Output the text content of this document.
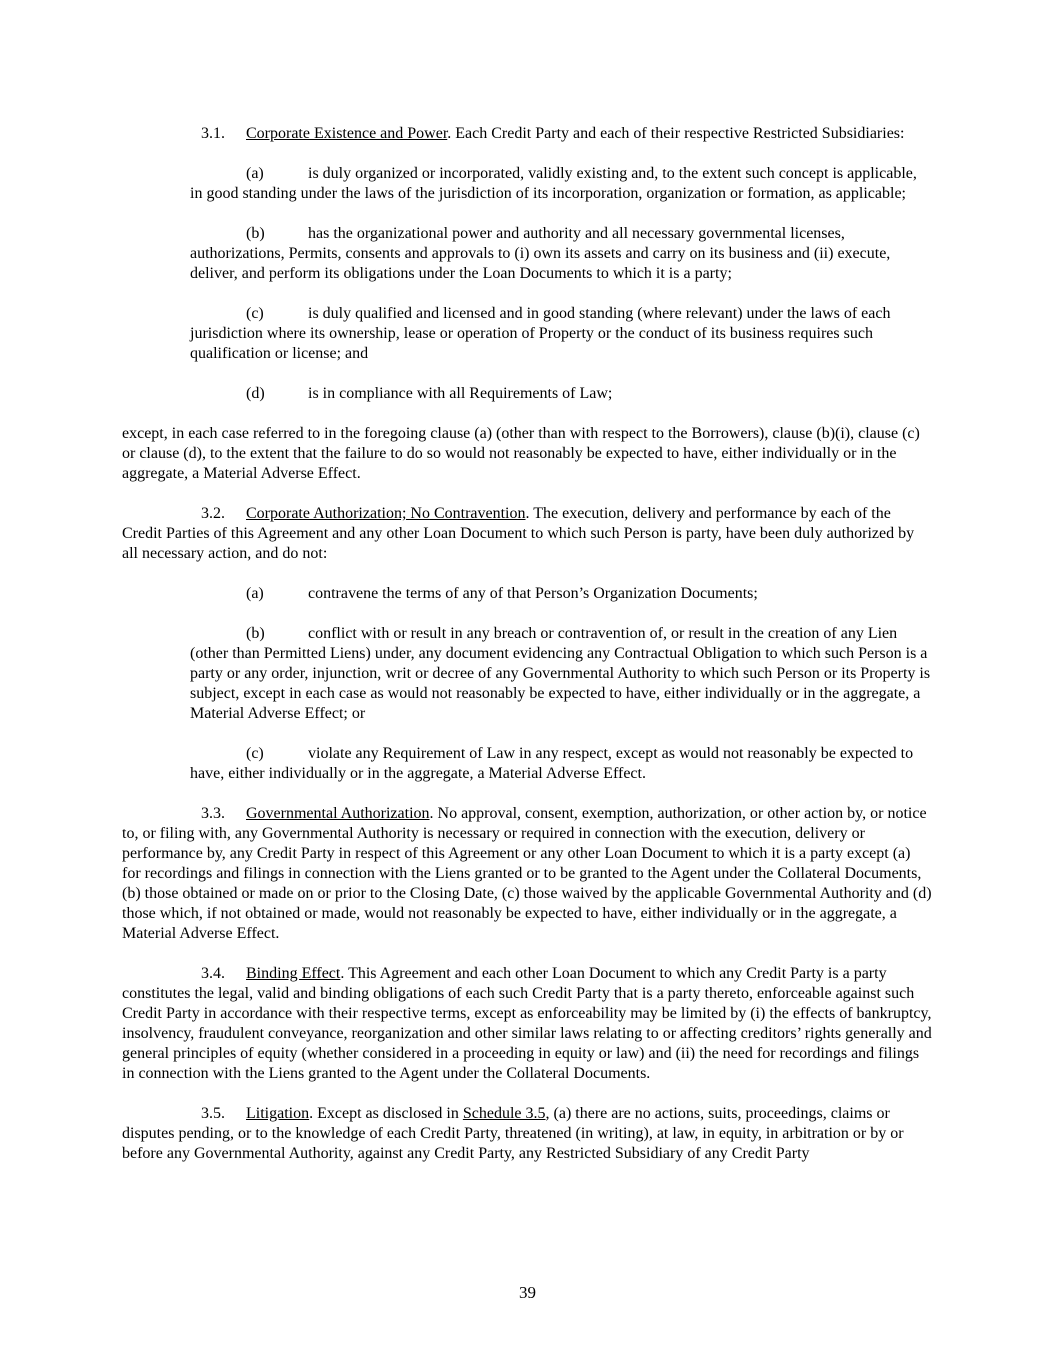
3.1. Corporate Existence and Power. Each Credit Party and each of their respective Restricted Subsidiaries:

(a)	is duly organized or incorporated, validly existing and, to the extent such concept is applicable, in good standing under the laws of the jurisdiction of its incorporation, organization or formation, as applicable;

(b)	has the organizational power and authority and all necessary governmental licenses, authorizations, Permits, consents and approvals to (i) own its assets and carry on its business and (ii) execute, deliver, and perform its obligations under the Loan Documents to which it is a party;

(c)	is duly qualified and licensed and in good standing (where relevant) under the laws of each jurisdiction where its ownership, lease or operation of Property or the conduct of its business requires such qualification or license; and

(d)	is in compliance with all Requirements of Law;

except, in each case referred to in the foregoing clause (a) (other than with respect to the Borrowers), clause (b)(i), clause (c) or clause (d), to the extent that the failure to do so would not reasonably be expected to have, either individually or in the aggregate, a Material Adverse Effect.

3.2. Corporate Authorization; No Contravention. The execution, delivery and performance by each of the Credit Parties of this Agreement and any other Loan Document to which such Person is party, have been duly authorized by all necessary action, and do not:

(a)	contravene the terms of any of that Person’s Organization Documents;

(b)	conflict with or result in any breach or contravention of, or result in the creation of any Lien (other than Permitted Liens) under, any document evidencing any Contractual Obligation to which such Person is a party or any order, injunction, writ or decree of any Governmental Authority to which such Person or its Property is subject, except in each case as would not reasonably be expected to have, either individually or in the aggregate, a Material Adverse Effect; or

(c)	violate any Requirement of Law in any respect, except as would not reasonably be expected to have, either individually or in the aggregate, a Material Adverse Effect.

3.3. Governmental Authorization. No approval, consent, exemption, authorization, or other action by, or notice to, or filing with, any Governmental Authority is necessary or required in connection with the execution, delivery or performance by, any Credit Party in respect of this Agreement or any other Loan Document to which it is a party except (a) for recordings and filings in connection with the Liens granted or to be granted to the Agent under the Collateral Documents, (b) those obtained or made on or prior to the Closing Date, (c) those waived by the applicable Governmental Authority and (d) those which, if not obtained or made, would not reasonably be expected to have, either individually or in the aggregate, a Material Adverse Effect.

3.4. Binding Effect. This Agreement and each other Loan Document to which any Credit Party is a party constitutes the legal, valid and binding obligations of each such Credit Party that is a party thereto, enforceable against such Credit Party in accordance with their respective terms, except as enforceability may be limited by (i) the effects of bankruptcy, insolvency, fraudulent conveyance, reorganization and other similar laws relating to or affecting creditors’ rights generally and general principles of equity (whether considered in a proceeding in equity or law) and (ii) the need for recordings and filings in connection with the Liens granted to the Agent under the Collateral Documents.

3.5. Litigation. Except as disclosed in Schedule 3.5, (a) there are no actions, suits, proceedings, claims or disputes pending, or to the knowledge of each Credit Party, threatened (in writing), at law, in equity, in arbitration or by or before any Governmental Authority, against any Credit Party, any Restricted Subsidiary of any Credit Party

39
